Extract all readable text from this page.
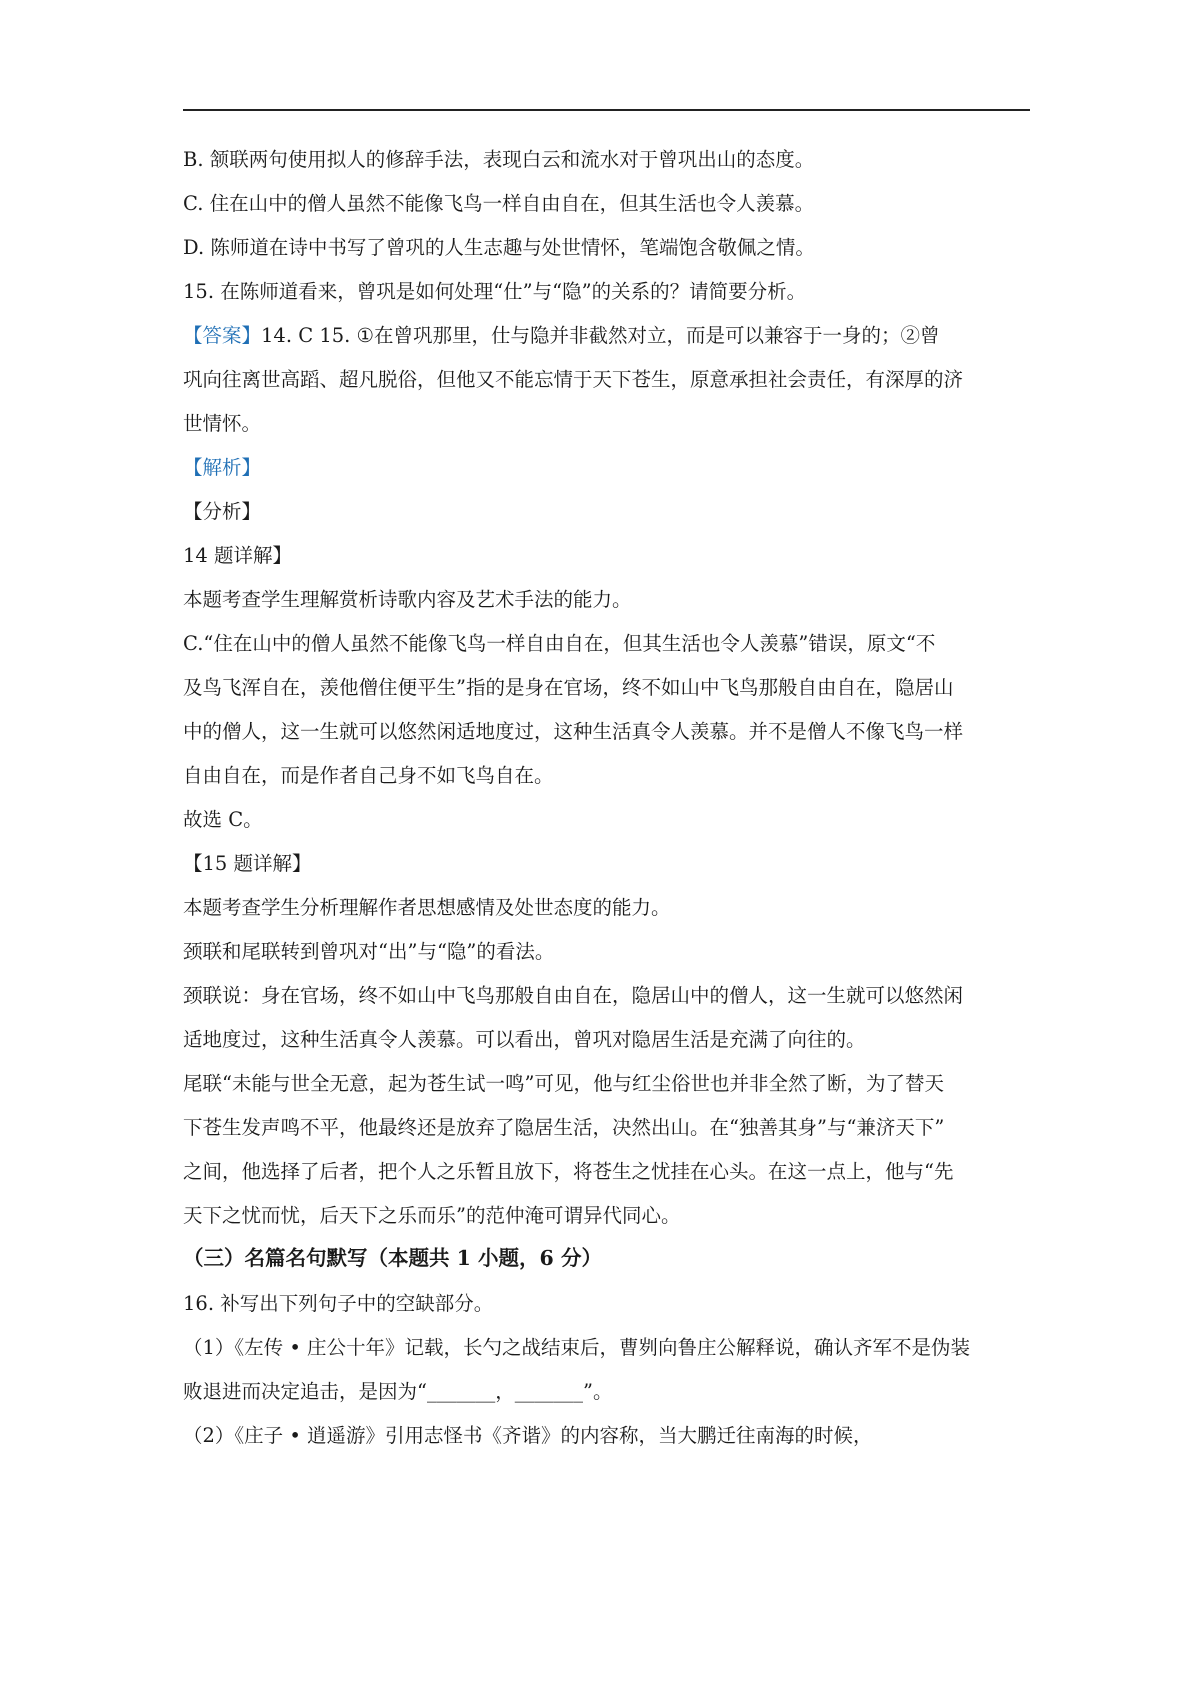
B. 颔联两句使用拟人的修辞手法，表现白云和流水对于曾巩出山的态度。

C. 住在山中的僧人虽然不能像飞鸟一样自由自在，但其生活也令人羡慕。

D. 陈师道在诗中书写了曾巩的人生志趣与处世情怀，笔端饱含敬佩之情。

15. 在陈师道看来，曾巩是如何处理“仕”与“隐”的关系的？请简要分析。

【答案】14. C 15. ①在曾巩那里，仕与隐并非截然对立，而是可以兼容于一身的；②曾

巩向往离世高蹈、超凡脱俗，但他又不能忘情于天下苍生，原意承担社会责任，有深厚的济

世情怀。

【解析】

【分析】

14 题详解】

本题考查学生理解赏析诗歌内容及艺术手法的能力。

C.“住在山中的僧人虽然不能像飞鸟一样自由自在，但其生活也令人羡慕”错误，原文“不

及鸟飞浑自在，羡他僧住便平生”指的是身在官场，终不如山中飞鸟那般自由自在，隐居山

中的僧人，这一生就可以悠然闲适地度过，这种生活真令人羡慕。并不是僧人不像飞鸟一样

自由自在，而是作者自己身不如飞鸟自在。

故选 C。

【15 题详解】

本题考查学生分析理解作者思想感情及处世态度的能力。

颈联和尾联转到曾巩对“出”与“隐”的看法。

颈联说：身在官场，终不如山中飞鸟那般自由自在，隐居山中的僧人，这一生就可以悠然闲

适地度过，这种生活真令人羡慕。可以看出，曾巩对隐居生活是充满了向往的。

尾联“未能与世全无意，起为苍生试一鸣”可见，他与红尘俗世也并非全然了断，为了替天

下苍生发声鸣不平，他最终还是放弃了隐居生活，决然出山。在“独善其身”与“兼济天下”

之间，他选择了后者，把个人之乐暂且放下，将苍生之忧挂在心头。在这一点上，他与“先

天下之忧而忧，后天下之乐而乐”的范仲淹可谓异代同心。

（三）名篇名句默写（本题共 1 小题，6 分）

16. 补写出下列句子中的空缺部分。

（1）《左传 • 庄公十年》记载，长勺之战结束后，曹刿向鲁庄公解释说，确认齐军不是伪装

败退进而决定追击，是因为“_______，_______”。

（2）《庄子 • 逍遥游》引用志怪书《齐谐》的内容称，当大鹏迁往南海的时候，
